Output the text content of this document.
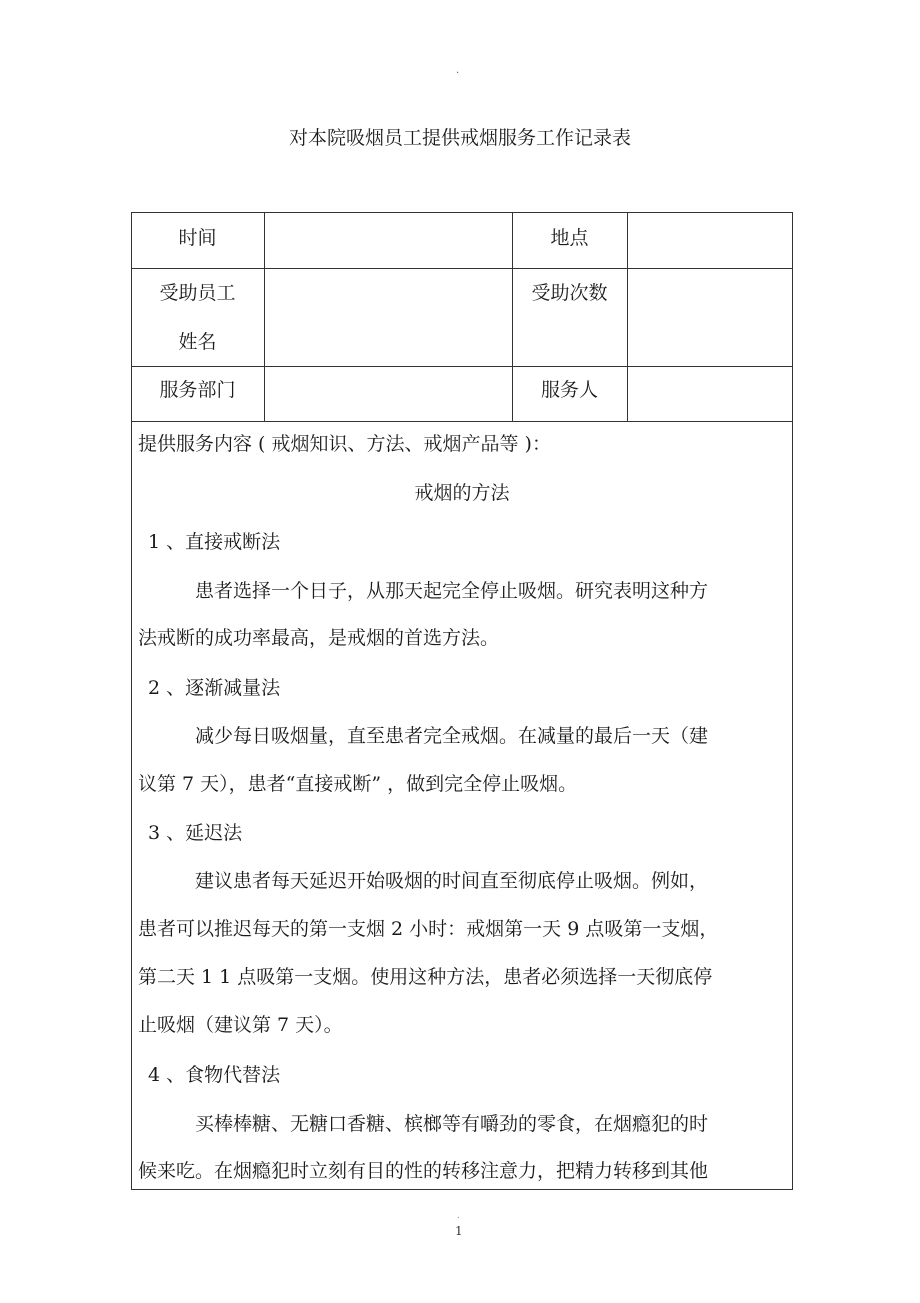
.
对本院吸烟员工提供戒烟服务工作记录表
时间	地点
受助员工
姓名
受助次数
服务部门	服务人
提供服务内容 ( 戒烟知识、方法、戒烟产品等 )：
戒烟的方法
1 、直接戒断法
患者选择一个日子，从那天起完全停止吸烟。研究表明这种方
法戒断的成功率最高，是戒烟的首选方法。
2 、逐渐减量法
减少每日吸烟量，直至患者完全戒烟。在减量的最后一天（建
议第 7 天），患者“直接戒断” ，做到完全停止吸烟。
3 、延迟法
建议患者每天延迟开始吸烟的时间直至彻底停止吸烟。例如，
患者可以推迟每天的第一支烟 2 小时：戒烟第一天 9 点吸第一支烟，
第二天 1 1 点吸第一支烟。使用这种方法，患者必须选择一天彻底停
止吸烟（建议第 7 天）。
4 、食物代替法
买棒棒糖、无糖口香糖、槟榔等有嚼劲的零食，在烟瘾犯的时
候来吃。在烟瘾犯时立刻有目的性的转移注意力，把精力转移到其他
.
1
